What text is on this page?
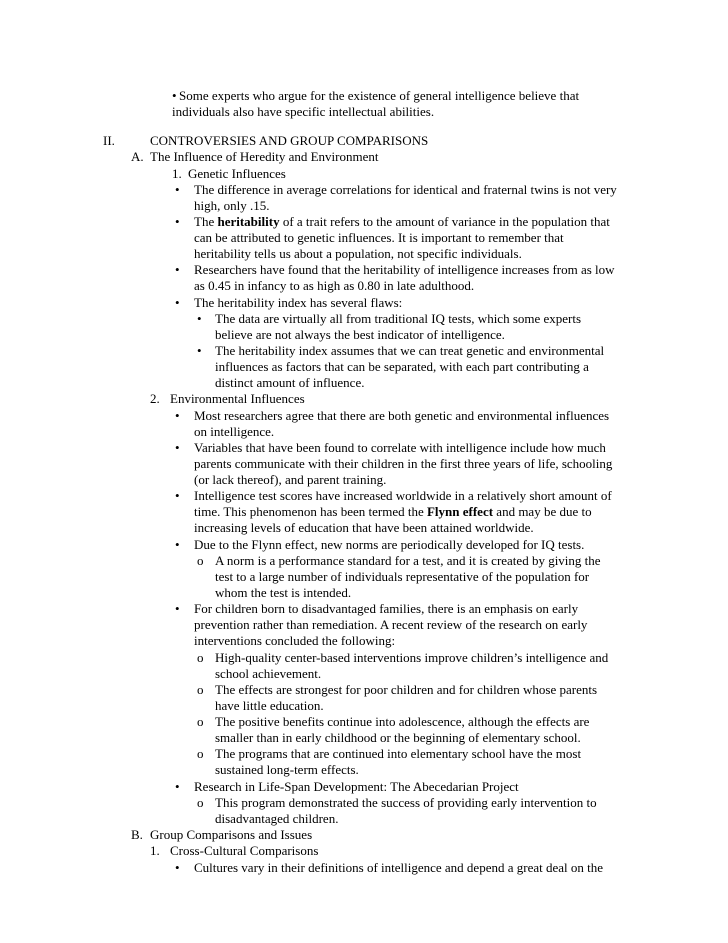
• Some experts who argue for the existence of general intelligence believe that
individuals also have specific intellectual abilities.
II.	CONTROVERSIES AND GROUP COMPARISONS
A. The Influence of Heredity and Environment
1. Genetic Influences
• The difference in average correlations for identical and fraternal twins is not very
high, only .15.
• The heritability of a trait refers to the amount of variance in the population that
can be attributed to genetic influences. It is important to remember that
heritability tells us about a population, not specific individuals.
• Researchers have found that the heritability of intelligence increases from as low
as 0.45 in infancy to as high as 0.80 in late adulthood.
• The heritability index has several flaws:
• The data are virtually all from traditional IQ tests, which some experts
believe are not always the best indicator of intelligence.
• The heritability index assumes that we can treat genetic and environmental
influences as factors that can be separated, with each part contributing a
distinct amount of influence.
2. Environmental Influences
• Most researchers agree that there are both genetic and environmental influences
on intelligence.
• Variables that have been found to correlate with intelligence include how much
parents communicate with their children in the first three years of life, schooling
(or lack thereof), and parent training.
• Intelligence test scores have increased worldwide in a relatively short amount of
time. This phenomenon has been termed the Flynn effect and may be due to
increasing levels of education that have been attained worldwide.
• Due to the Flynn effect, new norms are periodically developed for IQ tests.
o A norm is a performance standard for a test, and it is created by giving the
test to a large number of individuals representative of the population for
whom the test is intended.
• For children born to disadvantaged families, there is an emphasis on early
prevention rather than remediation. A recent review of the research on early
interventions concluded the following:
o High-quality center-based interventions improve children’s intelligence and
school achievement.
o The effects are strongest for poor children and for children whose parents
have little education.
o The positive benefits continue into adolescence, although the effects are
smaller than in early childhood or the beginning of elementary school.
o The programs that are continued into elementary school have the most
sustained long-term effects.
• Research in Life-Span Development: The Abecedarian Project
o This program demonstrated the success of providing early intervention to
disadvantaged children.
B. Group Comparisons and Issues
1. Cross-Cultural Comparisons
• Cultures vary in their definitions of intelligence and depend a great deal on the
